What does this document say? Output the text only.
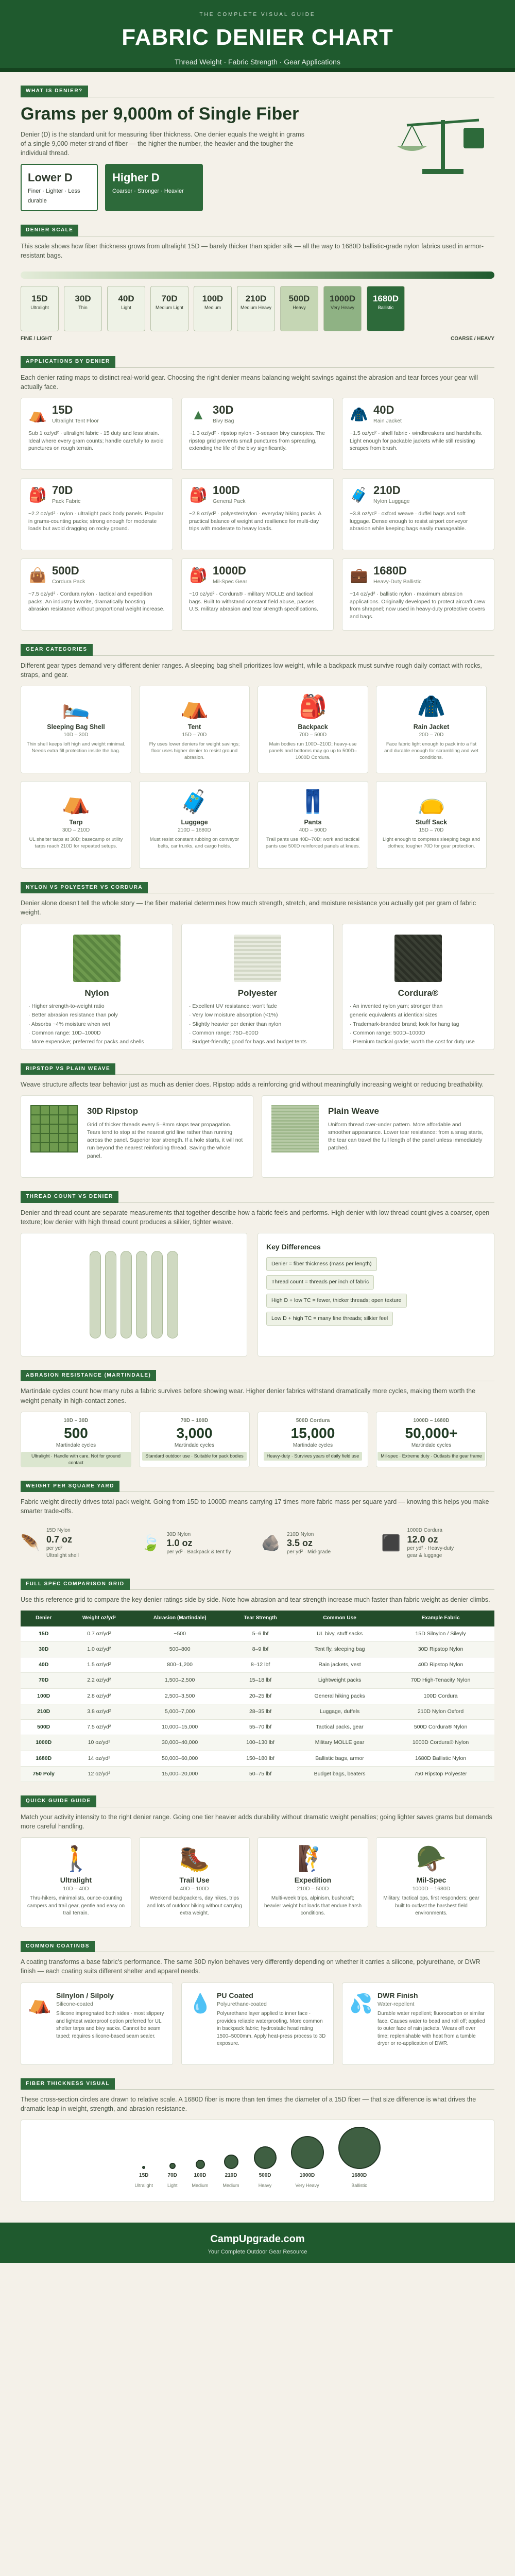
THE COMPLETE VISUAL GUIDE
FABRIC DENIER CHART
Thread Weight · Fabric Strength · Gear Applications
WHAT IS DENIER?
Grams per 9,000m of Single Fiber

Denier (D) is the standard unit for measuring fiber thickness. One denier equals the weight in grams of a single 9,000-meter strand of fiber — the higher the number, the heavier and the tougher the individual thread.

Lower D
Finer · Lighter · Less durable
Higher D
Coarser · Stronger · Heavier
DENIER SCALE
This scale shows how fiber thickness grows from ultralight 15D — barely thicker than spider silk — all the way to 1680D ballistic-grade nylon fabrics used in armor-resistant bags.
15D
Ultralight
30D
Thin
40D
Light
70D
Medium Light
100D
Medium
210D
Medium Heavy
500D
Heavy
1000D
Very Heavy
1680D
Ballistic
FINE / LIGHT	COARSE / HEAVY
APPLICATIONS BY DENIER
Each denier rating maps to distinct real-world gear. Choosing the right denier means balancing weight savings against the abrasion and tear forces your gear will actually face.
⛺ 15D
Ultralight Tent Floor

Sub 1 oz/yd² · ultralight fabric · 15 duty and less strain. Ideal where every gram counts; handle carefully to avoid punctures on rough terrain.

▲ 30D
Bivy Bag

~1.3 oz/yd² · ripstop nylon · 3-season bivy canopies. The ripstop grid prevents small punctures from spreading, extending the life of the bivy significantly.

🧥 40D
Rain Jacket

~1.5 oz/yd² · shell fabric · windbreakers and hardshells. Light enough for packable jackets while still resisting scrapes from brush.

🎒 70D
Pack Fabric

~2.2 oz/yd² · nylon · ultralight pack body panels. Popular in grams-counting packs; strong enough for moderate loads but avoid dragging on rocky ground.

🎒 100D
General Pack

~2.8 oz/yd² · polyester/nylon · everyday hiking packs. A practical balance of weight and resilience for multi-day trips with moderate to heavy loads.

🧳 210D
Nylon Luggage

~3.8 oz/yd² · oxford weave · duffel bags and soft luggage. Dense enough to resist airport conveyor abrasion while keeping bags easily manageable.

👜 500D
Cordura Pack

~7.5 oz/yd² · Cordura nylon · tactical and expedition packs. An industry favorite, dramatically boosting abrasion resistance without proportional weight increase.

🎒 1000D
Mil-Spec Gear

~10 oz/yd² · Cordura® · military MOLLE and tactical bags. Built to withstand constant field abuse, passes U.S. military abrasion and tear strength specifications.

💼 1680D
Heavy-Duty Ballistic

~14 oz/yd² · ballistic nylon · maximum abrasion applications. Originally developed to protect aircraft crew from shrapnel; now used in heavy-duty protective covers and bags.

GEAR CATEGORIES
Different gear types demand very different denier ranges. A sleeping bag shell prioritizes low weight, while a backpack must survive rough daily contact with rocks, straps, and gear.
🛌
Sleeping Bag Shell
10D – 30D

Thin shell keeps loft high and weight minimal. Needs extra fill protection inside the bag.

⛺
Tent
15D – 70D

Fly uses lower deniers for weight savings; floor uses higher denier to resist ground abrasion.

🎒
Backpack
70D – 500D

Main bodies run 100D–210D; heavy-use panels and bottoms may go up to 500D–1000D Cordura.

🧥
Rain Jacket
20D – 70D

Face fabric light enough to pack into a fist and durable enough for scrambling and wet conditions.

⛺
Tarp
30D – 210D

UL shelter tarps at 30D; basecamp or utility tarps reach 210D for repeated setups.

🧳
Luggage
210D – 1680D

Must resist constant rubbing on conveyor belts, car trunks, and cargo holds.

👖
Pants
40D – 500D

Trail pants use 40D–70D; work and tactical pants use 500D reinforced panels at knees.

👝
Stuff Sack
15D – 70D

Light enough to compress sleeping bags and clothes; tougher 70D for gear protection.

NYLON VS POLYESTER VS CORDURA
Denier alone doesn't tell the whole story — the fiber material determines how much strength, stretch, and moisture resistance you actually get per gram of fabric weight.
Nylon
· Higher strength-to-weight ratio
· Better abrasion resistance than poly
· Absorbs ~4% moisture when wet
· Common range: 10D–1000D
· More expensive; preferred for packs and shells
Polyester
· Excellent UV resistance; won't fade
· Very low moisture absorption (<1%)
· Slightly heavier per denier than nylon
· Common range: 75D–600D
· Budget-friendly; good for bags and budget tents
Cordura®
· An invented nylon yarn; stronger than
generic equivalents at identical sizes
· Trademark-branded brand; look for hang tag
· Common range: 500D–1000D
· Premium tactical grade; worth the cost for duty use
RIPSTOP VS PLAIN WEAVE
Weave structure affects tear behavior just as much as denier does. Ripstop adds a reinforcing grid without meaningfully increasing weight or reducing breathability.
30D Ripstop

Grid of thicker threads every 5–8mm stops tear propagation. Tears tend to stop at the nearest grid line rather than running across the panel. Superior tear strength. If a hole starts, it will not run beyond the nearest reinforcing thread. Saving the whole panel.

Plain Weave

Uniform thread over-under pattern. More affordable and smoother appearance. Lower tear resistance: from a snag starts, the tear can travel the full length of the panel unless immediately patched.

THREAD COUNT VS DENIER
Denier and thread count are separate measurements that together describe how a fabric feels and performs. High denier with low thread count gives a coarser, open texture; low denier with high thread count produces a silkier, tighter weave.
Key Differences
Denier = fiber thickness (mass per length)
Thread count = threads per inch of fabric
High D + low TC = fewer, thicker threads; open texture
Low D + high TC = many fine threads; silkier feel
ABRASION RESISTANCE (MARTINDALE)
Martindale cycles count how many rubs a fabric survives before showing wear. Higher denier fabrics withstand dramatically more cycles, making them worth the weight penalty in high-contact zones.
10D – 30D
500
Martindale cycles
Ultralight · Handle with care. Not for ground contact
70D – 100D
3,000
Martindale cycles
Standard outdoor use · Suitable for pack bodies
500D Cordura
15,000
Martindale cycles
Heavy-duty · Survives years of daily field use
1000D – 1680D
50,000+
Martindale cycles
Mil-spec · Extreme duty · Outlasts the gear frame
WEIGHT PER SQUARE YARD
Fabric weight directly drives total pack weight. Going from 15D to 1000D means carrying 17 times more fabric mass per square yard — knowing this helps you make smarter trade-offs.
🪶
15D Nylon
0.7 oz
per yd²
Ultralight shell
🍃
30D Nylon
1.0 oz
per yd² · Backpack & tent fly
🪨
210D Nylon
3.5 oz
per yd² · Mid-grade
⬛
1000D Cordura
12.0 oz
per yd² · Heavy-duty
gear & luggage
FULL SPEC COMPARISON GRID
Use this reference grid to compare the key denier ratings side by side. Note how abrasion and tear strength increase much faster than fabric weight as denier climbs.
Denier	Weight oz/yd²	Abrasion (Martindale)	Tear Strength	Common Use	Example Fabric
15D	0.7 oz/yd²	~500	5–6 lbf	UL bivy, stuff sacks	15D Silnylon / Sileyly
30D	1.0 oz/yd²	500–800	8–9 lbf	Tent fly, sleeping bag	30D Ripstop Nylon
40D	1.5 oz/yd²	800–1,200	8–12 lbf	Rain jackets, vest	40D Ripstop Nylon
70D	2.2 oz/yd²	1,500–2,500	15–18 lbf	Lightweight packs	70D High-Tenacity Nylon
100D	2.8 oz/yd²	2,500–3,500	20–25 lbf	General hiking packs	100D Cordura
210D	3.8 oz/yd²	5,000–7,000	28–35 lbf	Luggage, duffels	210D Nylon Oxford
500D	7.5 oz/yd²	10,000–15,000	55–70 lbf	Tactical packs, gear	500D Cordura® Nylon
1000D	10 oz/yd²	30,000–40,000	100–130 lbf	Military MOLLE gear	1000D Cordura® Nylon
1680D	14 oz/yd²	50,000–60,000	150–180 lbf	Ballistic bags, armor	1680D Ballistic Nylon
750 Poly	12 oz/yd²	15,000–20,000	50–75 lbf	Budget bags, beaters	750 Ripstop Polyester
QUICK GUIDE GUIDE
Match your activity intensity to the right denier range. Going one tier heavier adds durability without dramatic weight penalties; going lighter saves grams but demands more careful handling.
🚶
Ultralight
10D – 40D

Thru-hikers, minimalists, ounce-counting campers and trail gear, gentle and easy on trail terrain.

🥾
Trail Use
40D – 100D

Weekend backpackers, day hikes, trips and lots of outdoor hiking without carrying extra weight.

🧗
Expedition
210D – 500D

Multi-week trips, alpinism, bushcraft; heavier weight but loads that endure harsh conditions.

🪖
Mil-Spec
1000D – 1680D

Military, tactical ops, first responders; gear built to outlast the harshest field environments.

COMMON COATINGS
A coating transforms a base fabric's performance. The same 30D nylon behaves very differently depending on whether it carries a silicone, polyurethane, or DWR finish — each coating suits different shelter and apparel needs.
⛺ Silnylon / Silpoly
Silicone-coated

Silicone impregnated both sides · most slippery and lightest waterproof option preferred for UL shelter tarps and bivy sacks. Cannot be seam taped; requires silicone-based seam sealer.

💧 PU Coated
Polyurethane-coated

Polyurethane layer applied to inner face · provides reliable waterproofing. More common in backpack fabric; hydrostatic head rating 1500–5000mm. Apply heat-press process to 3D exposure.

💦 DWR Finish
Water-repellent

Durable water repellent; fluorocarbon or similar face. Causes water to bead and roll off; applied to outer face of rain jackets. Wears off over time; replenishable with heat from a tumble dryer or re-application of DWR.

FIBER THICKNESS VISUAL
These cross-section circles are drawn to relative scale. A 1680D fiber is more than ten times the diameter of a 15D fiber — that size difference is what drives the dramatic leap in weight, strength, and abrasion resistance.
15D
Ultralight
70D
Light
100D
Medium
210D
Medium
500D
Heavy
1000D
Very Heavy
1680D
Ballistic
CampUpgrade.com
Your Complete Outdoor Gear Resource
